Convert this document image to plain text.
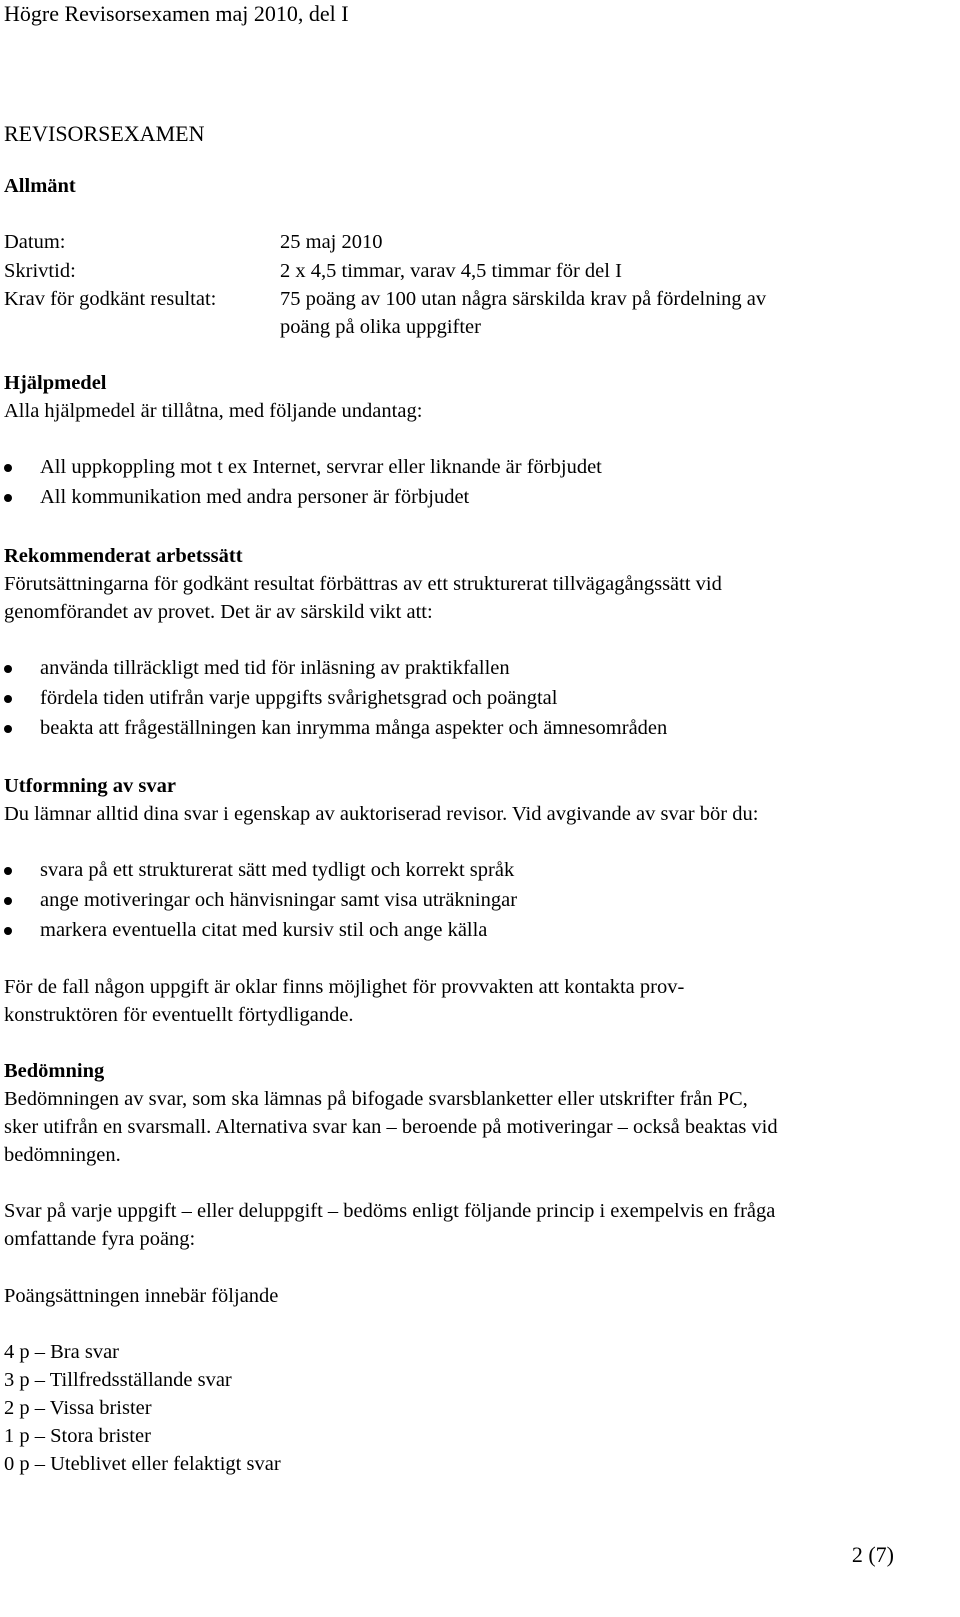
Högre Revisorsexamen maj 2010, del I
REVISORSEXAMEN
Allmänt
Datum:	25 maj 2010
Skrivtid:	2 x 4,5 timmar, varav 4,5 timmar för del I
Krav för godkänt resultat:	75 poäng av 100 utan några särskilda krav på fördelning av
poäng på olika uppgifter
Hjälpmedel
Alla hjälpmedel är tillåtna, med följande undantag:
All uppkoppling mot t ex Internet, servrar eller liknande är förbjudet
All kommunikation med andra personer är förbjudet
Rekommenderat arbetssätt
Förutsättningarna för godkänt resultat förbättras av ett strukturerat tillvägagångssätt vid
genomförandet av provet. Det är av särskild vikt att:
använda tillräckligt med tid för inläsning av praktikfallen
fördela tiden utifrån varje uppgifts svårighetsgrad och poängtal
beakta att frågeställningen kan inrymma många aspekter och ämnesområden
Utformning av svar
Du lämnar alltid dina svar i egenskap av auktoriserad revisor. Vid avgivande av svar bör du:
svara på ett strukturerat sätt med tydligt och korrekt språk
ange motiveringar och hänvisningar samt visa uträkningar
markera eventuella citat med kursiv stil och ange källa
För de fall någon uppgift är oklar finns möjlighet för provvakten att kontakta prov-
konstruktören för eventuellt förtydligande.
Bedömning
Bedömningen av svar, som ska lämnas på bifogade svarsblanketter eller utskrifter från PC,
sker utifrån en svarsmall. Alternativa svar kan – beroende på motiveringar – också beaktas vid
bedömningen.
Svar på varje uppgift – eller deluppgift – bedöms enligt följande princip i exempelvis en fråga
omfattande fyra poäng:
Poängsättningen innebär följande
4 p – Bra svar
3 p – Tillfredsställande svar
2 p – Vissa brister
1 p – Stora brister
0 p – Uteblivet eller felaktigt svar
2 (7)
